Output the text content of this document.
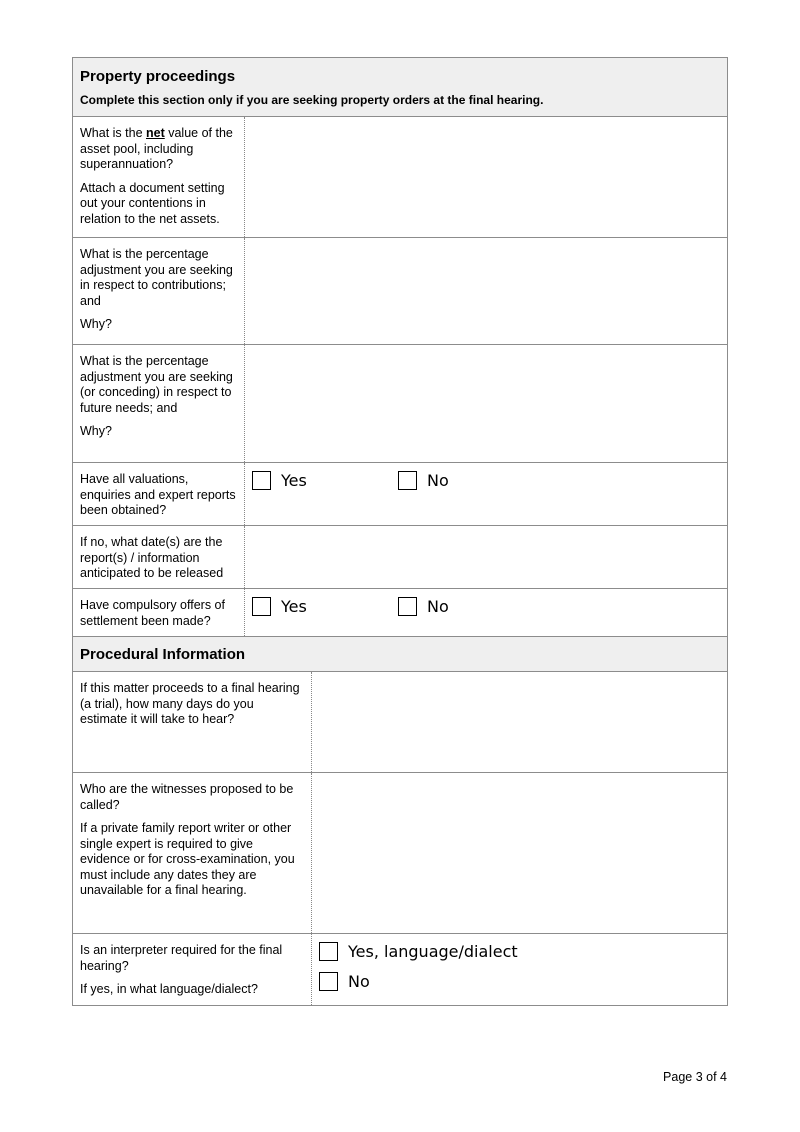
Property proceedings
Complete this section only if you are seeking property orders at the final hearing.

What is the net value of the asset pool, including superannuation?

Attach a document setting out your contentions in relation to the net assets.

What is the percentage adjustment you are seeking in respect to contributions; and

Why?

What is the percentage adjustment you are seeking (or conceding) in respect to future needs; and

Why?

Have all valuations, enquiries and expert reports been obtained?

Yes	No

If no, what date(s) are the report(s) / information anticipated to be released

Have compulsory offers of settlement been made?

Yes	No
Procedural Information

If this matter proceeds to a final hearing (a trial), how many days do you estimate it will take to hear?

Who are the witnesses proposed to be called?

If a private family report writer or other single expert is required to give evidence or for cross-examination, you must include any dates they are unavailable for a final hearing.

Is an interpreter required for the final hearing?

If yes, in what language/dialect?

Yes, language/dialect
No
Page 3 of 4
